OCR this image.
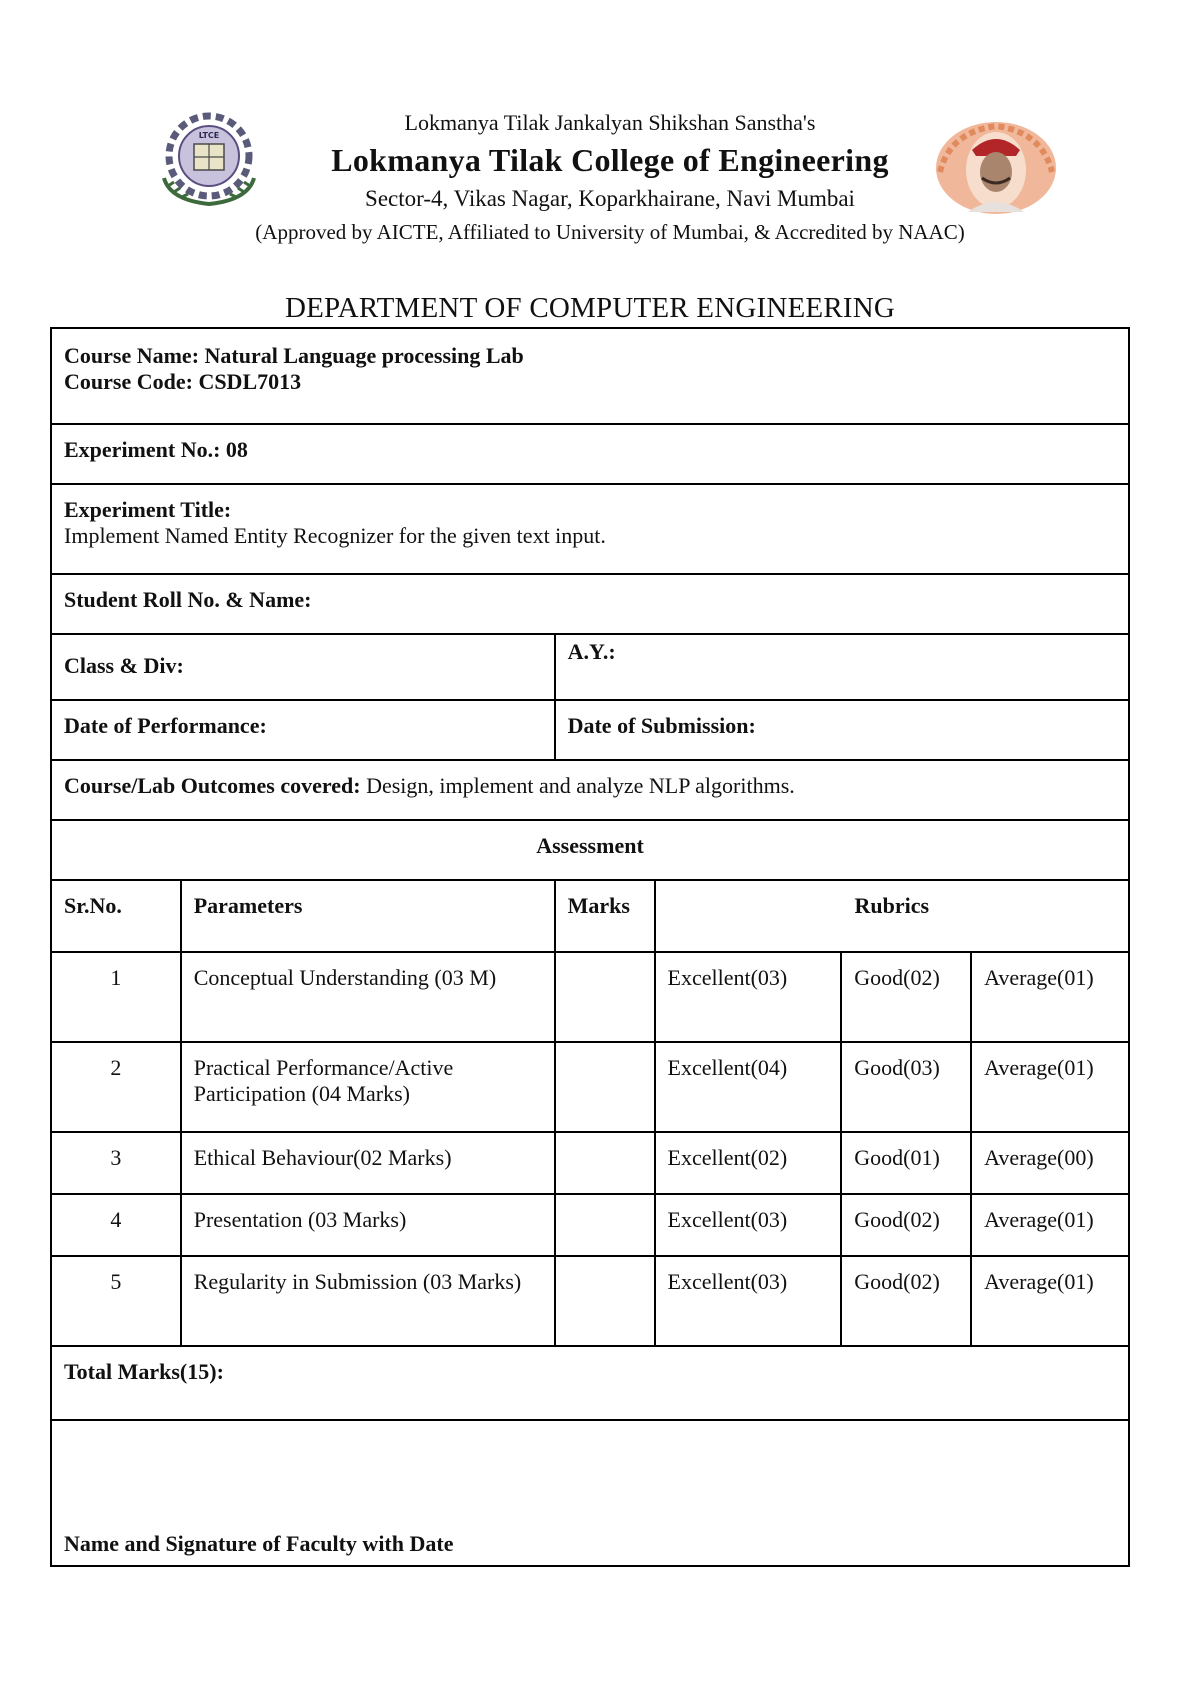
LTCE
Lokmanya Tilak Jankalyan Shikshan Sanstha's
Lokmanya Tilak College of Engineering
Sector-4, Vikas Nagar, Koparkhairane, Navi Mumbai
(Approved by AICTE, Affiliated to University of Mumbai, & Accredited by NAAC)
DEPARTMENT OF COMPUTER ENGINEERING
Course Name: Natural Language processing Lab
Course Code: CSDL7013					

Experiment No.: 08					

Experiment Title:
Implement Named Entity Recognizer for the given text input.					

Student Roll No. & Name:					
Class & Div:		A.Y.:			
Date of Performance:		Date of Submission:			
Course/Lab Outcomes covered: Design, implement and analyze NLP algorithms.					
Assessment					
Sr.No.	Parameters	Marks	Rubrics		
1	Conceptual Understanding (03 M)		Excellent(03)	Good(02)	Average(01)
2	Practical Performance/Active Participation (04 Marks)		Excellent(04)	Good(03)	Average(01)
3	Ethical Behaviour(02 Marks)		Excellent(02)	Good(01)	Average(00)
4	Presentation (03 Marks)		Excellent(03)	Good(02)	Average(01)
5	Regularity in Submission (03 Marks)		Excellent(03)	Good(02)	Average(01)
Total Marks(15):					
Name and Signature of Faculty with Date					
